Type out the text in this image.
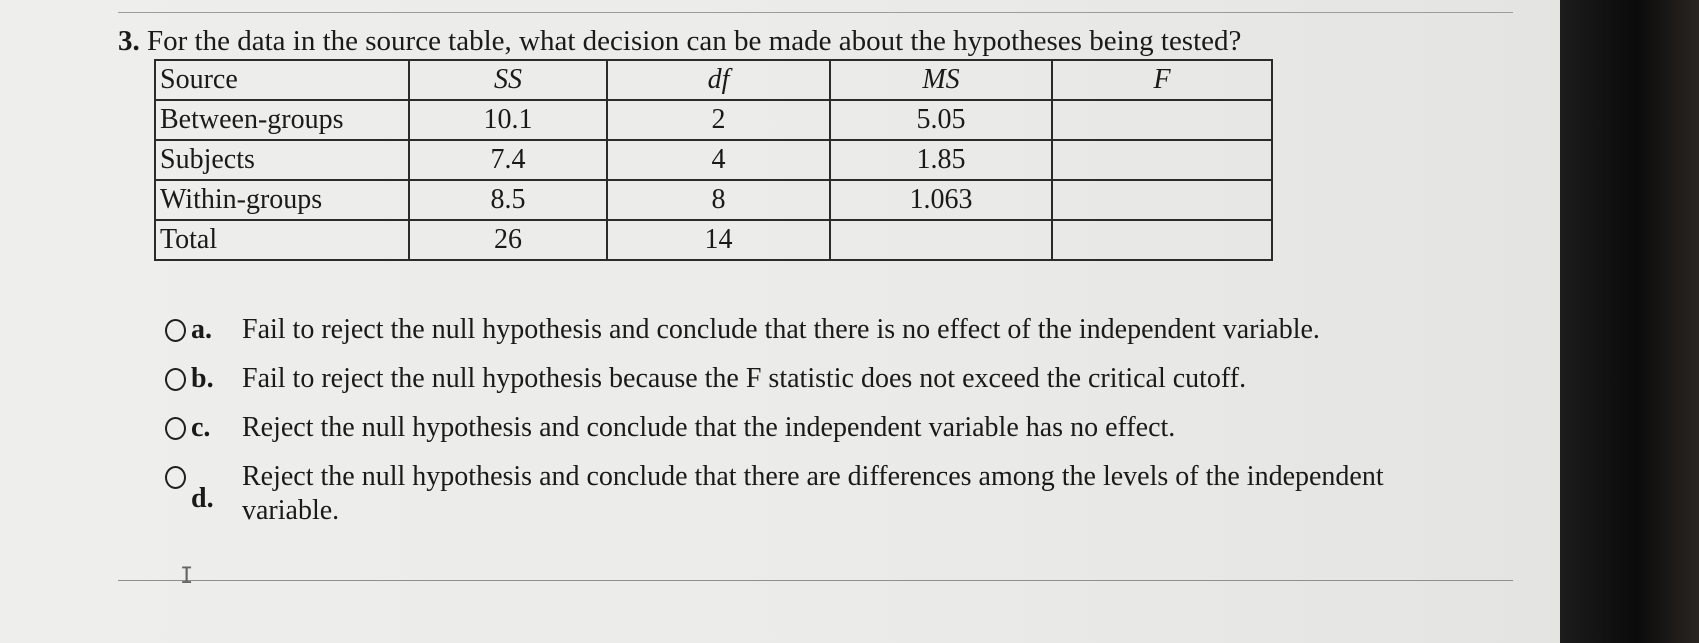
3. For the data in the source table, what decision can be made about the hypotheses being tested?
Source	SS	df	MS	F
Between-groups	10.1	2	5.05	
Subjects	7.4	4	1.85	
Within-groups	8.5	8	1.063	
Total	26	14		
a. Fail to reject the null hypothesis and conclude that there is no effect of the independent variable.
b. Fail to reject the null hypothesis because the F statistic does not exceed the critical cutoff.
c. Reject the null hypothesis and conclude that the independent variable has no effect.
d.
Reject the null hypothesis and conclude that there are differences among the levels of the independent variable.
I
